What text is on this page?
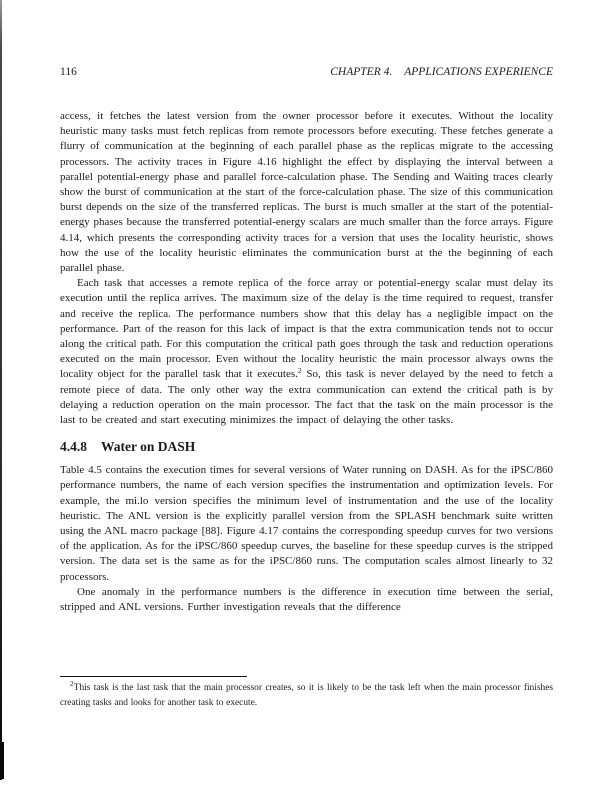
116	CHAPTER 4. APPLICATIONS EXPERIENCE

access, it fetches the latest version from the owner processor before it executes. Without the locality heuristic many tasks must fetch replicas from remote processors before executing. These fetches generate a flurry of communication at the beginning of each parallel phase as the replicas migrate to the accessing processors. The activity traces in Figure 4.16 highlight the effect by displaying the interval between a parallel potential-energy phase and parallel force-calculation phase. The Sending and Waiting traces clearly show the burst of communication at the start of the force-calculation phase. The size of this communication burst depends on the size of the transferred replicas. The burst is much smaller at the start of the potential-energy phases because the transferred potential-energy scalars are much smaller than the force arrays. Figure 4.14, which presents the corresponding activity traces for a version that uses the locality heuristic, shows how the use of the locality heuristic eliminates the communication burst at the the beginning of each parallel phase.

Each task that accesses a remote replica of the force array or potential-energy scalar must delay its execution until the replica arrives. The maximum size of the delay is the time required to request, transfer and receive the replica. The performance numbers show that this delay has a negligible impact on the performance. Part of the reason for this lack of impact is that the extra communication tends not to occur along the critical path. For this computation the critical path goes through the task and reduction operations executed on the main processor. Even without the locality heuristic the main processor always owns the locality object for the parallel task that it executes.$^2$ So, this task is never delayed by the need to fetch a remote piece of data. The only other way the extra communication can extend the critical path is by delaying a reduction operation on the main processor. The fact that the task on the main processor is the last to be created and start executing minimizes the impact of delaying the other tasks.

4.4.8 Water on DASH

Table 4.5 contains the execution times for several versions of Water running on DASH. As for the iPSC/860 performance numbers, the name of each version specifies the instrumentation and optimization levels. For example, the mi.lo version specifies the minimum level of instrumentation and the use of the locality heuristic. The ANL version is the explicitly parallel version from the SPLASH benchmark suite written using the ANL macro package [88]. Figure 4.17 contains the corresponding speedup curves for two versions of the application. As for the iPSC/860 speedup curves, the baseline for these speedup curves is the stripped version. The data set is the same as for the iPSC/860 runs. The computation scales almost linearly to 32 processors.

One anomaly in the performance numbers is the difference in execution time between the serial, stripped and ANL versions. Further investigation reveals that the difference

$^2$This task is the last task that the main processor creates, so it is likely to be the task left when the main processor finishes creating tasks and looks for another task to execute.
